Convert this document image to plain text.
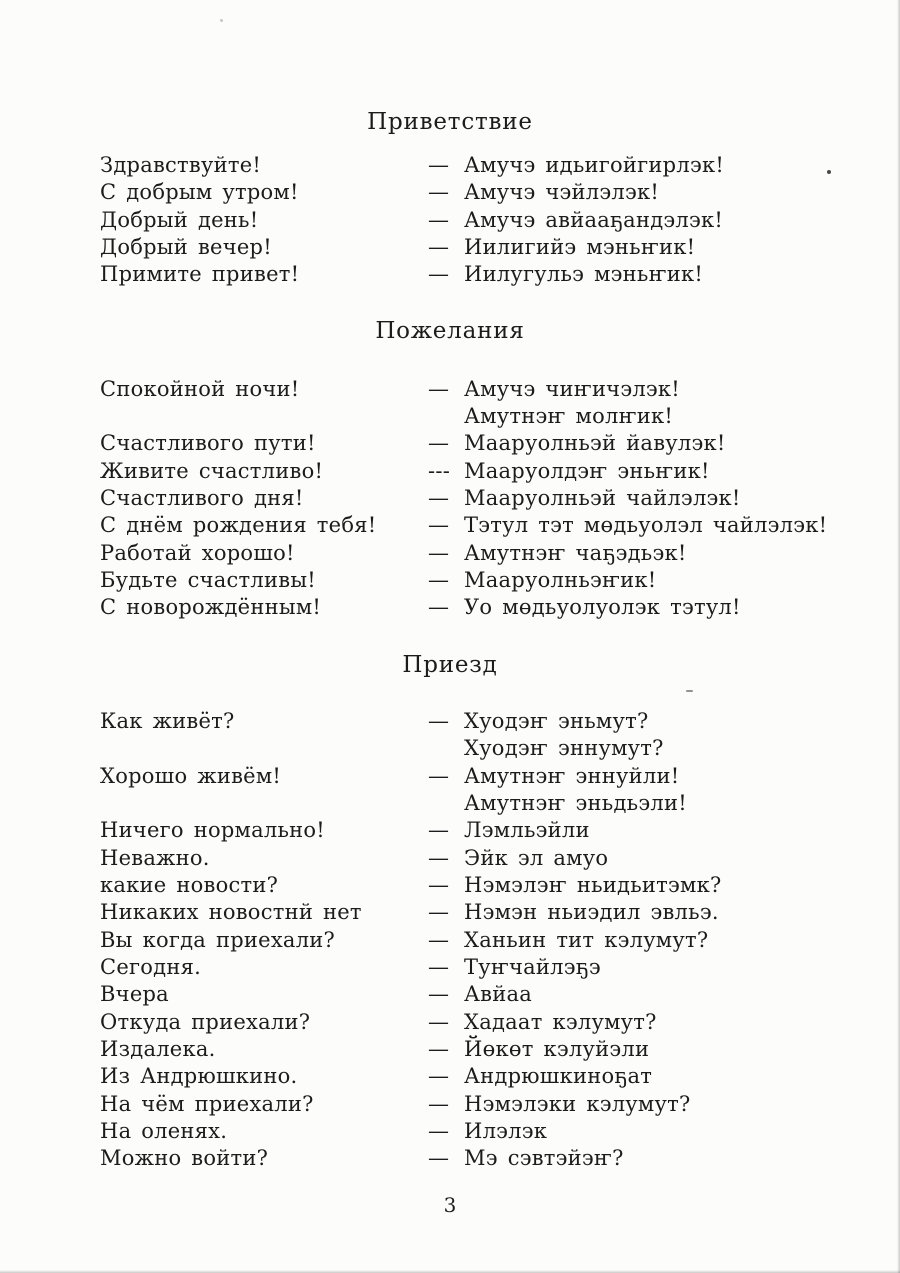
Приветствие
Здравствуйте!	— Амучэ идьигойгирлэк!
С добрым утром!	— Амучэ чэйлэлэк!
Добрый день!	— Амучэ авйааҕандэлэк!
Добрый вечер!	— Иилигийэ мэньҥик!
Примите привет!	— Иилугульэ мэньҥик!
Пожелания
Спокойной ночи!	— Амучэ чиҥичэлэк!
Амутнэҥ молҥик!
Счастливого пути!	— Мааруолньэй йавулэк!
Живите счастливо!	--- Мааруолдэҥ эньҥик!
Счастливого дня!	— Мааруолньэй чайлэлэк!
С днём рождения тебя!	— Тэтул тэт мөдьуолэл чайлэлэк!
Работай хорошо!	— Амутнэҥ чаҕэдьэк!
Будьте счастливы!	— Мааруолньэҥик!
С новорождённым!	— Уо мөдьуолуолэк тэтул!
Приезд
Как живёт?	— Хуодэҥ эньмут?
Хуодэҥ эннумут?
Хорошо живём!	— Амутнэҥ эннуйли!
Амутнэҥ эньдьэли!
Ничего нормально!	— Лэмльэйли
Неважно.	— Эйк эл амуо
какие новости?	— Нэмэлэҥ ньидьитэмк?
Никаких новостнй нет	— Нэмэн ньиэдил эвльэ.
Вы когда приехали?	— Ханьин тит кэлумут?
Сегодня.	— Туҥчайлэҕэ
Вчера	— Авйаа
Откуда приехали?	— Хадаат кэлумут?
Издалека.	— Йөкөт кэлуйэли
Из Андрюшкино.	— Андрюшкиноҕат
На чём приехали?	— Нэмэлэки кэлумут?
На оленях.	— Илэлэк
Можно войти?	— Мэ сэвтэйэҥ?
3
